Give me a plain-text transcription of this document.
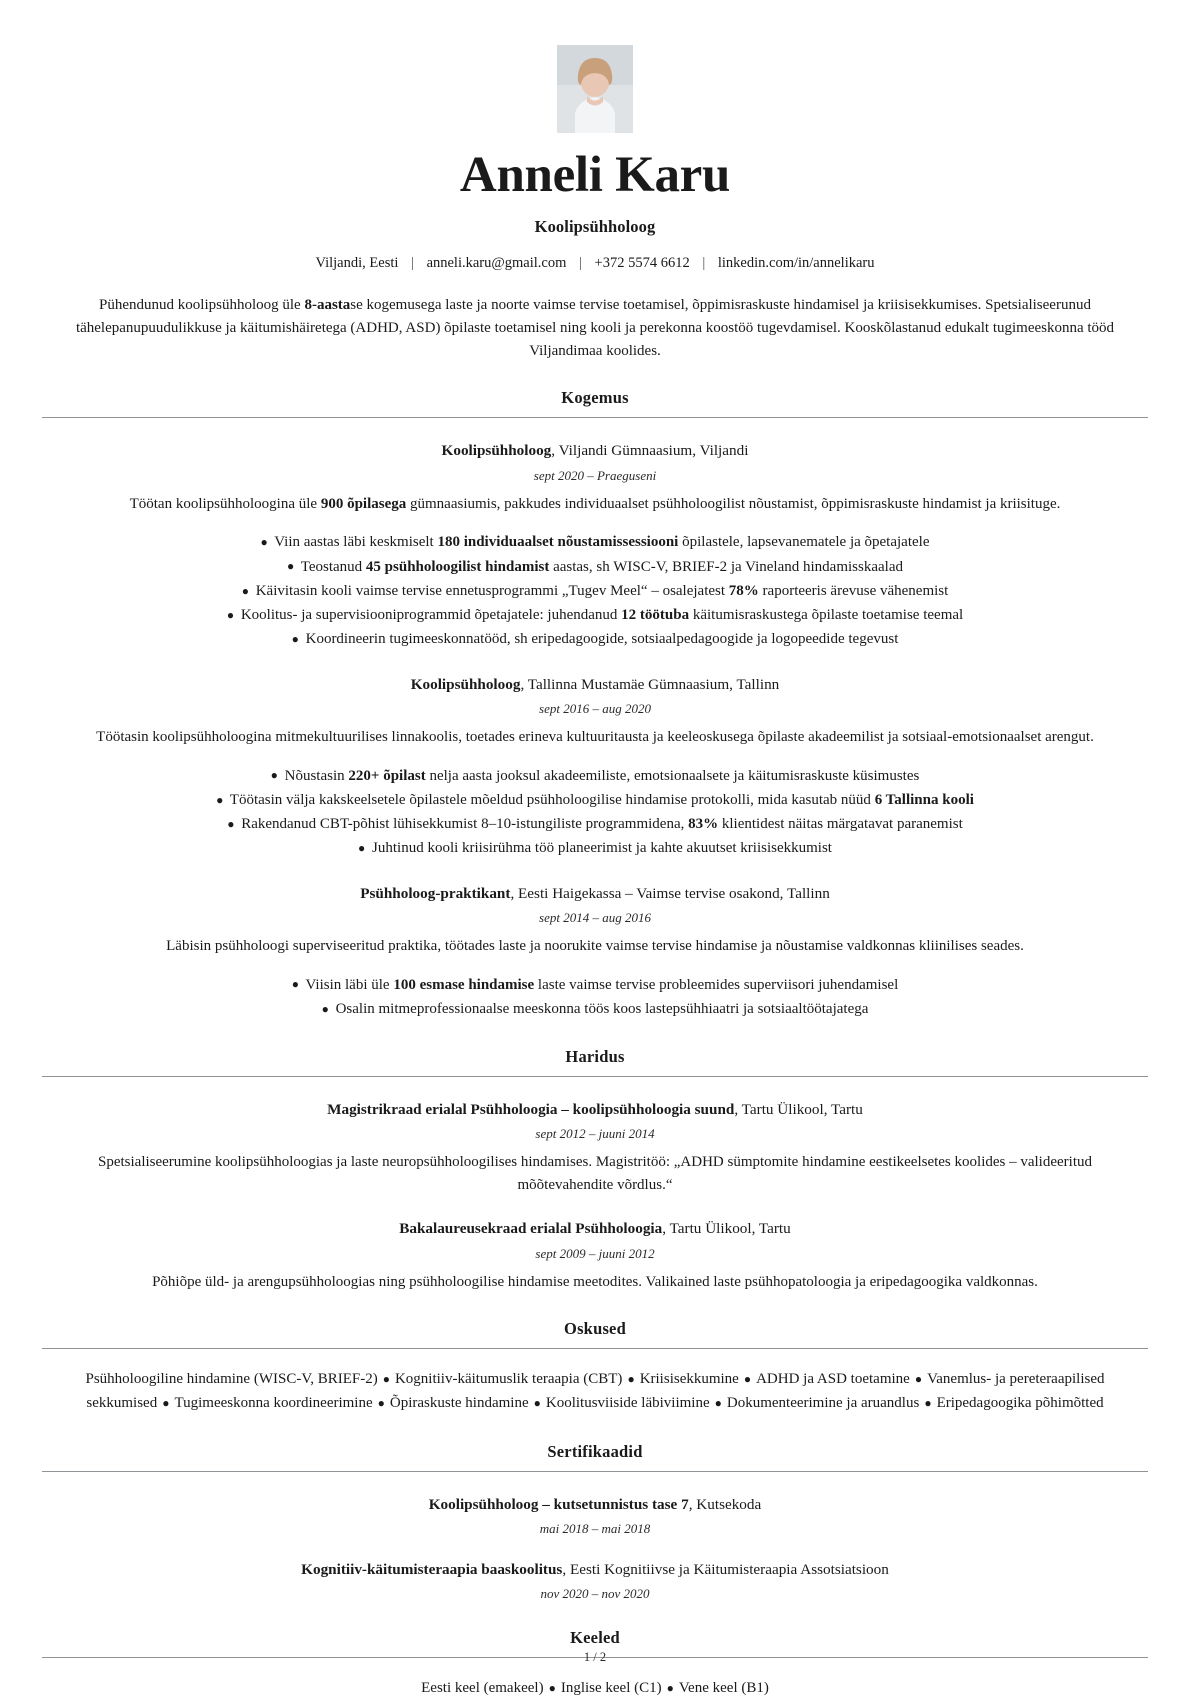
Anneli Karu
Koolipsühholoog
Viljandi, Eesti | anneli.karu@gmail.com | +372 5574 6612 | linkedin.com/in/annelikaru
Pühendunud koolipsühholoog üle 8-aastase kogemusega laste ja noorte vaimse tervise toetamisel, õppimisraskuste hindamisel ja kriisisekkumises. Spetsialiseerunud tähelepanupuudulikkuse ja käitumishäiretega (ADHD, ASD) õpilaste toetamisel ning kooli ja perekonna koostöö tugevdamisel. Kooskõlastanud edukalt tugimeeskonna tööd Viljandimaa koolides.
Kogemus
Koolipsühholoog, Viljandi Gümnaasium, Viljandi
sept 2020 – Praeguseni
Töötan koolipsühholoogina üle 900 õpilasega gümnaasiumis, pakkudes individuaalset psühholoogilist nõustamist, õppimisraskuste hindamist ja kriisituge.
● Viin aastas läbi keskmiselt 180 individuaalset nõustamissessiooni õpilastele, lapsevanematele ja õpetajatele
● Teostanud 45 psühholoogilist hindamist aastas, sh WISC-V, BRIEF-2 ja Vineland hindamisskaalad
● Käivitasin kooli vaimse tervise ennetusprogrammi „Tugev Meel“ – osalejatest 78% raporteeris ärevuse vähenemist
● Koolitus- ja supervisiooniprogrammid õpetajatele: juhendanud 12 töötuba käitumisraskustega õpilaste toetamise teemal
● Koordineerin tugimeeskonnatööd, sh eripedagoogide, sotsiaalpedagoogide ja logopeedide tegevust
Koolipsühholoog, Tallinna Mustamäe Gümnaasium, Tallinn
sept 2016 – aug 2020
Töötasin koolipsühholoogina mitmekultuurilises linnakoolis, toetades erineva kultuuritausta ja keeleoskusega õpilaste akadeemilist ja sotsiaal-emotsionaalset arengut.
● Nõustasin 220+ õpilast nelja aasta jooksul akadeemiliste, emotsionaalsete ja käitumisraskuste küsimustes
● Töötasin välja kakskeelsetele õpilastele mõeldud psühholoogilise hindamise protokolli, mida kasutab nüüd 6 Tallinna kooli
● Rakendanud CBT-põhist lühisekkumist 8–10-istungiliste programmidena, 83% klientidest näitas märgatavat paranemist
● Juhtinud kooli kriisirühma töö planeerimist ja kahte akuutset kriisisekkumist
Psühholoog-praktikant, Eesti Haigekassa – Vaimse tervise osakond, Tallinn
sept 2014 – aug 2016
Läbisin psühholoogi superviseeritud praktika, töötades laste ja noorukite vaimse tervise hindamise ja nõustamise valdkonnas kliinilises seades.
● Viisin läbi üle 100 esmase hindamise laste vaimse tervise probleemides superviisori juhendamisel
● Osalin mitmeprofessionaalse meeskonna töös koos lastepsühhiaatri ja sotsiaaltöötajatega
Haridus
Magistrikraad erialal Psühholoogia – koolipsühholoogia suund, Tartu Ülikool, Tartu
sept 2012 – juuni 2014
Spetsialiseerumine koolipsühholoogias ja laste neuropsühholoogilises hindamises. Magistritöö: „ADHD sümptomite hindamine eestikeelsetes koolides – valideeritud mõõtevahendite võrdlus.“
Bakalaureusekraad erialal Psühholoogia, Tartu Ülikool, Tartu
sept 2009 – juuni 2012
Põhiõpe üld- ja arengupsühholoogias ning psühholoogilise hindamise meetodites. Valikained laste psühhopatoloogia ja eripedagoogika valdkonnas.
Oskused
Psühholoogiline hindamine (WISC-V, BRIEF-2) ● Kognitiiv-käitumuslik teraapia (CBT) ● Kriisisekkumine ● ADHD ja ASD toetamine ● Vanemlus- ja pereteraapilised sekkumised ● Tugimeeskonna koordineerimine ● Õpiraskuste hindamine ● Koolitusviiside läbiviimine ● Dokumenteerimine ja aruandlus ● Eripedagoogika põhimõtted
Sertifikaadid
Koolipsühholoog – kutsetunnistus tase 7, Kutsekoda
mai 2018 – mai 2018
Kognitiiv-käitumisteraapia baaskoolitus, Eesti Kognitiivse ja Käitumisteraapia Assotsiatsioon
nov 2020 – nov 2020
Keeled
Eesti keel (emakeel) ● Inglise keel (C1) ● Vene keel (B1)
1 / 2
